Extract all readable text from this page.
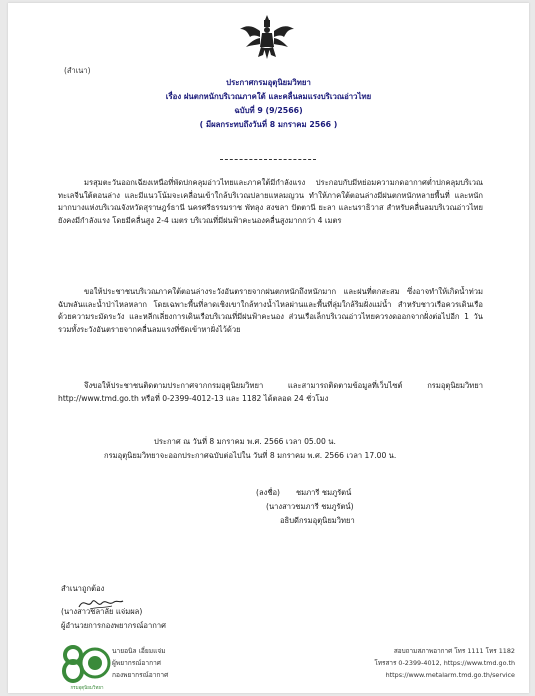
(สำเนา)
ประกาศกรมอุตุนิยมวิทยา
เรื่อง ฝนตกหนักบริเวณภาคใต้ และคลื่นลมแรงบริเวณอ่าวไทย
ฉบับที่ 9 (9/2566)
( มีผลกระทบถึงวันที่ 8 มกราคม 2566 )
มรสุมตะวันออกเฉียงเหนือที่พัดปกคลุมอ่าวไทยและภาคใต้มีกำลังแรง ประกอบกับมีหย่อมความกดอากาศต่ำปกคลุมบริเวณทะเลจีนใต้ตอนล่าง และมีแนวโน้มจะเคลื่อนเข้าใกล้บริเวณปลายแหลมญวน ทำให้ภาคใต้ตอนล่างมีฝนตกหนักหลายพื้นที่ และหนักมากบางแห่งบริเวณจังหวัดสุราษฎร์ธานี นครศรีธรรมราช พัทลุง สงขลา ปัตตานี ยะลา และนราธิวาส สำหรับคลื่นลมบริเวณอ่าวไทยยังคงมีกำลังแรง โดยมีคลื่นสูง 2-4 เมตร บริเวณที่มีฝนฟ้าคะนองคลื่นสูงมากกว่า 4 เมตร
ขอให้ประชาชนบริเวณภาคใต้ตอนล่างระวังอันตรายจากฝนตกหนักถึงหนักมาก และฝนที่ตกสะสม ซึ่งอาจทำให้เกิดน้ำท่วมฉับพลันและน้ำป่าไหลหลาก โดยเฉพาะพื้นที่ลาดเชิงเขาใกล้ทางน้ำไหลผ่านและพื้นที่ลุ่มใกล้ริมฝั่งแม่น้ำ สำหรับชาวเรือควรเดินเรือด้วยความระมัดระวัง และหลีกเลี่ยงการเดินเรือบริเวณที่มีฝนฟ้าคะนอง ส่วนเรือเล็กบริเวณอ่าวไทยควรงดออกจากฝั่งต่อไปอีก 1 วัน รวมทั้งระวังอันตรายจากคลื่นลมแรงที่ซัดเข้าหาฝั่งไว้ด้วย
จึงขอให้ประชาชนติดตามประกาศจากกรมอุตุนิยมวิทยา และสามารถติดตามข้อมูลที่เว็บไซต์ กรมอุตุนิยมวิทยา http://www.tmd.go.th หรือที่ 0-2399-4012-13 และ 1182 ได้ตลอด 24 ชั่วโมง
ประกาศ ณ วันที่ 8 มกราคม พ.ศ. 2566 เวลา 05.00 น.
กรมอุตุนิยมวิทยาจะออกประกาศฉบับต่อไปใน วันที่ 8 มกราคม พ.ศ. 2566 เวลา 17.00 น.
(ลงชื่อ) ชมภารี ชมภูรัตน์
(นางสาวชมภารี ชมภูรัตน์)
อธิบดีกรมอุตุนิยมวิทยา
สำเนาถูกต้อง
(นางสาวชลาลัย แจ่มผล)
ผู้อำนวยการกองพยากรณ์อากาศ
กรมอุตุนิยมวิทยา
นายอนิล เอี่ยมแจ่ม
ผู้พยากรณ์อากาศ
กองพยากรณ์อากาศ
สอบถามสภาพอากาศ โทร 1111 โทร 1182
โทรสาร 0-2399-4012, https://www.tmd.go.th
https://www.metalarm.tmd.go.th/service
